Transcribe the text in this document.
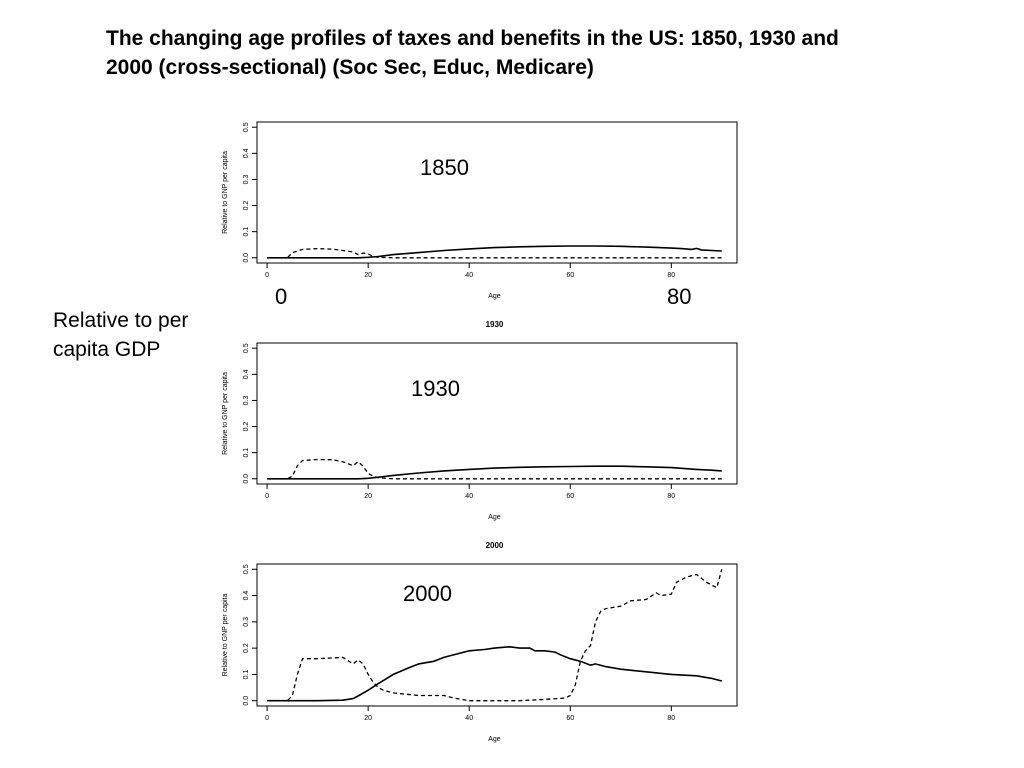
The changing age profiles of taxes and benefits in the US: 1850, 1930 and 2000 (cross-sectional) (Soc Sec, Educ, Medicare)
Relative to per capita GDP
0	80
0	20	40	60	80
0.0
0.1
0.2
0.3
0.4
0.5
Age
Relative to GNP per capita	1850
0	20	40	60	80
0.0
0.1
0.2
0.3
0.4
0.5
Age
Relative to GNP per capita
1930
1930
0	20	40	60	80
0.0
0.1
0.2
0.3
0.4
0.5
Age
Relative to GNP per capita
2000
2000
